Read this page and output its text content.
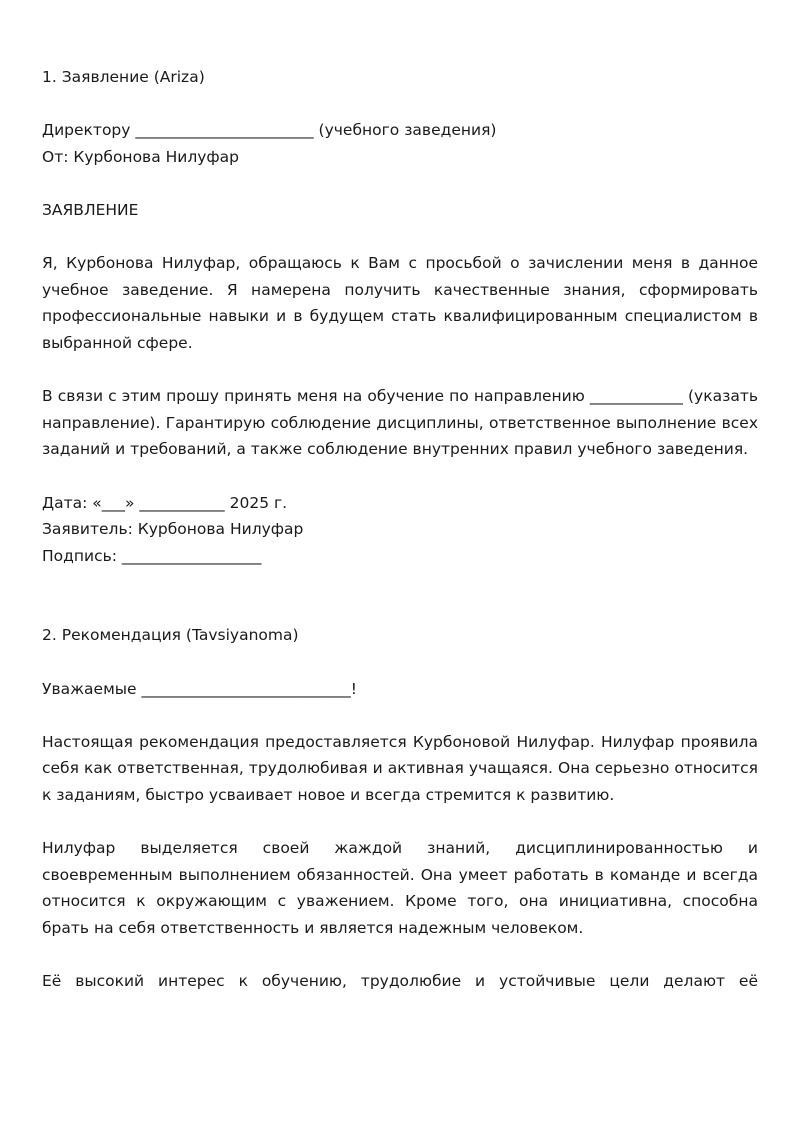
1. Заявление (Ariza)

Директору _______________________ (учебного заведения)

От: Курбонова Нилуфар

ЗАЯВЛЕНИЕ

Я, Курбонова Нилуфар, обращаюсь к Вам с просьбой о зачислении меня в данное учебное заведение. Я намерена получить качественные знания, сформировать профессиональные навыки и в будущем стать квалифицированным специалистом в выбранной сфере.

В связи с этим прошу принять меня на обучение по направлению ____________ (указать направление). Гарантирую соблюдение дисциплины, ответственное выполнение всех заданий и требований, а также соблюдение внутренних правил учебного заведения.

Дата: «___» ___________ 2025 г.

Заявитель: Курбонова Нилуфар

Подпись: __________________

2. Рекомендация (Tavsiyanoma)

Уважаемые ___________________________!

Настоящая рекомендация предоставляется Курбоновой Нилуфар. Нилуфар проявила себя как ответственная, трудолюбивая и активная учащаяся. Она серьезно относится к заданиям, быстро усваивает новое и всегда стремится к развитию.

Нилуфар выделяется своей жаждой знаний, дисциплинированностью и своевременным выполнением обязанностей. Она умеет работать в команде и всегда относится к окружающим с уважением. Кроме того, она инициативна, способна брать на себя ответственность и является надежным человеком.

Её высокий интерес к обучению, трудолюбие и устойчивые цели делают её
